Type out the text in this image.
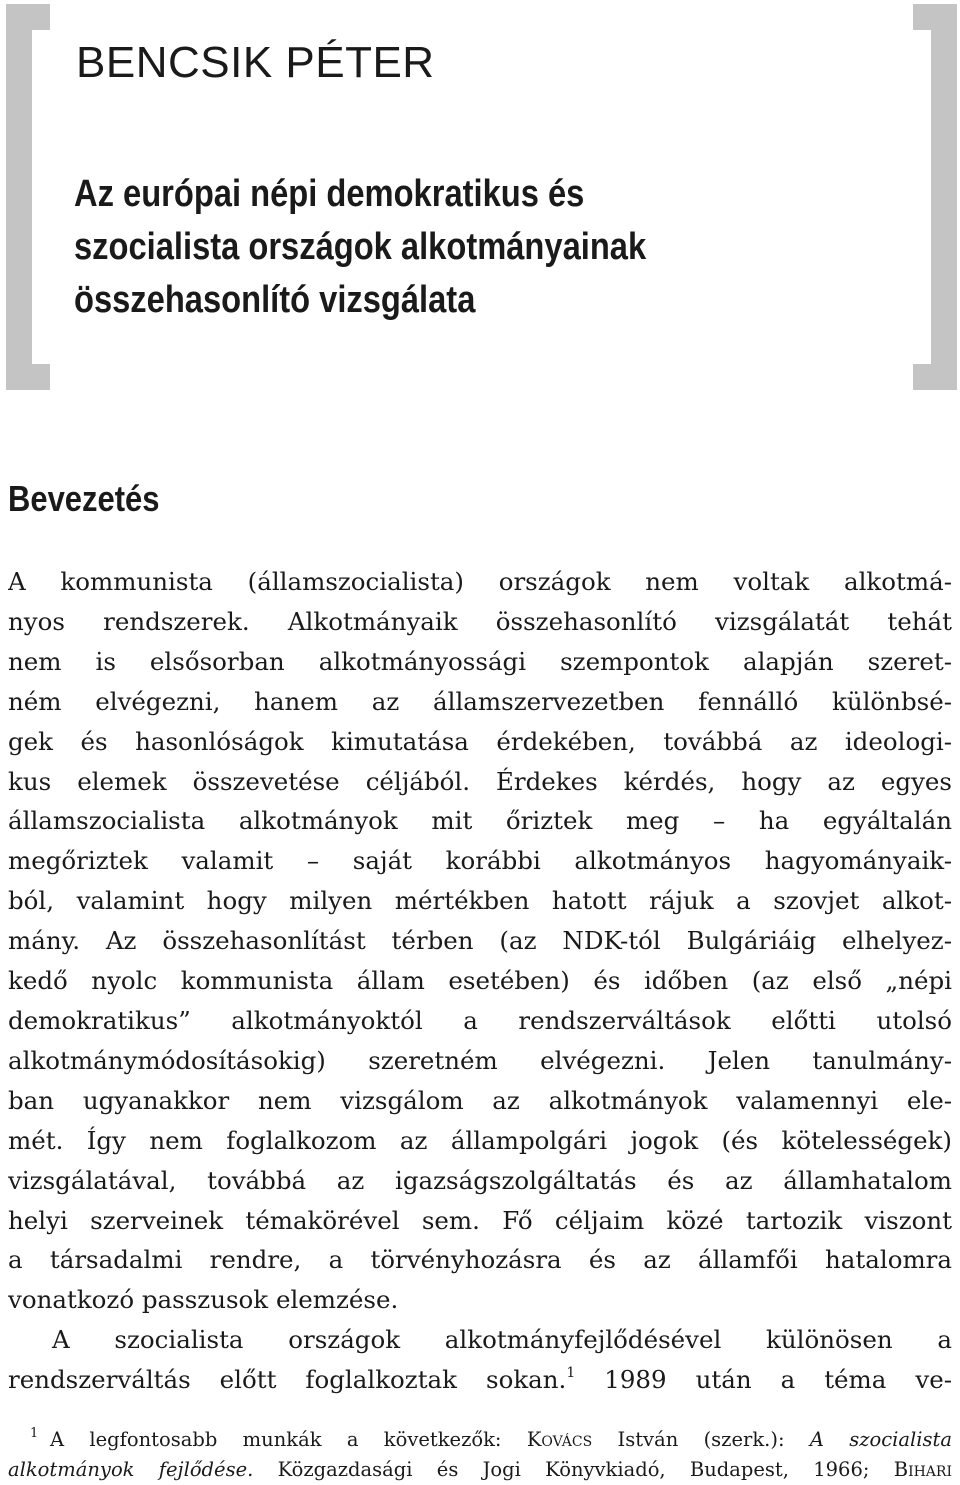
BENCSIK PÉTER
Az európai népi demokratikus és
szocialista országok alkotmányainak
összehasonlító vizsgálata
Bevezetés
A kommunista (államszocialista) országok nem voltak alkotmá-
nyos rendszerek. Alkotmányaik összehasonlító vizsgálatát tehát
nem is elsősorban alkotmányossági szempontok alapján szeret-
ném elvégezni, hanem az államszervezetben fennálló különbsé-
gek és hasonlóságok kimutatása érdekében, továbbá az ideologi-
kus elemek összevetése céljából. Érdekes kérdés, hogy az egyes
államszocialista alkotmányok mit őriztek meg – ha egyáltalán
megőriztek valamit – saját korábbi alkotmányos hagyományaik-
ból, valamint hogy milyen mértékben hatott rájuk a szovjet alkot-
mány. Az összehasonlítást térben (az NDK-tól Bulgáriáig elhelyez-
kedő nyolc kommunista állam esetében) és időben (az első „népi
demokratikus” alkotmányoktól a rendszerváltások előtti utolsó
alkotmánymódosításokig) szeretném elvégezni. Jelen tanulmány-
ban ugyanakkor nem vizsgálom az alkotmányok valamennyi ele-
mét. Így nem foglalkozom az állampolgári jogok (és kötelességek)
vizsgálatával, továbbá az igazságszolgáltatás és az államhatalom
helyi szerveinek témakörével sem. Fő céljaim közé tartozik viszont
a társadalmi rendre, a törvényhozásra és az államfői hatalomra
vonatkozó passzusok elemzése.
A szocialista országok alkotmányfejlődésével különösen a
rendszerváltás előtt foglalkoztak sokan.$^1$ 1989 után a téma ve-
1 A legfontosabb munkák a következők: Kovács István (szerk.): A szocialista
alkotmányok fejlődése. Közgazdasági és Jogi Könyvkiadó, Budapest, 1966; Bihari
